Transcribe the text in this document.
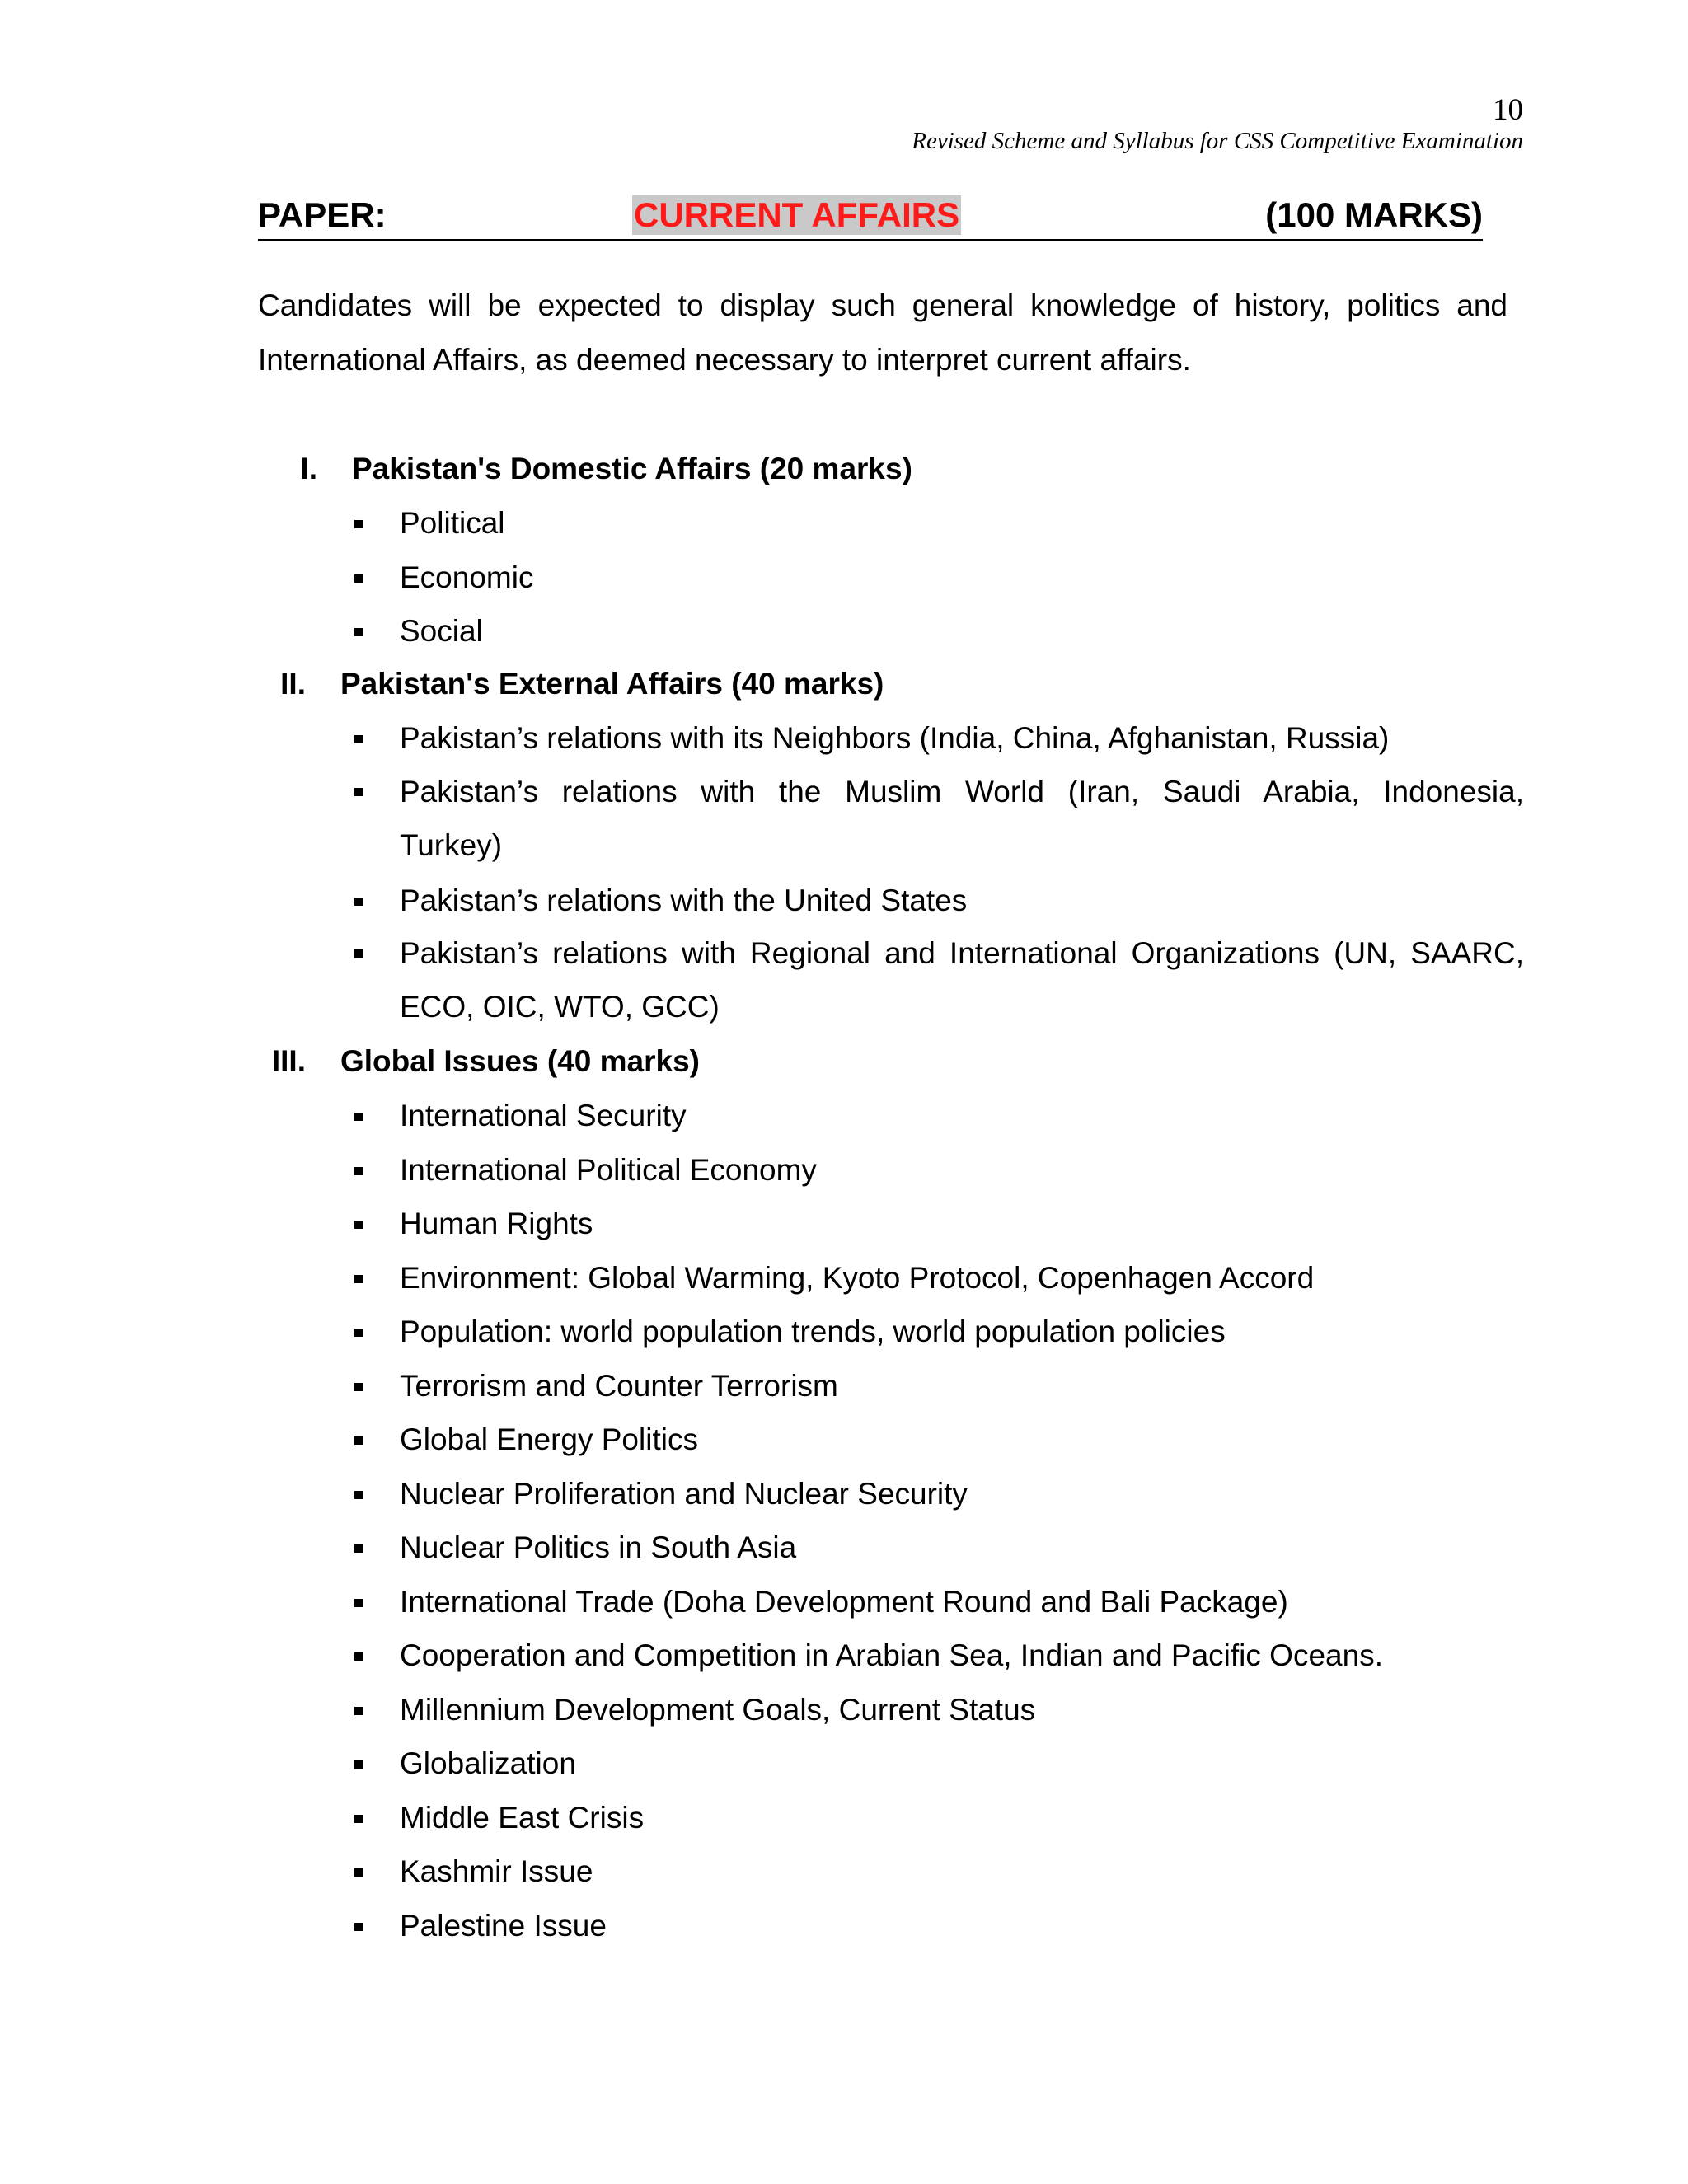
10
Revised Scheme and Syllabus for CSS Competitive Examination
PAPER:	CURRENT AFFAIRS	(100 MARKS)

Candidates will be expected to display such general knowledge of history, politics and

International Affairs, as deemed necessary to interpret current affairs.

I. Pakistan's Domestic Affairs (20 marks)
Political
Economic
Social
II. Pakistan's External Affairs (40 marks)
Pakistan’s relations with its Neighbors (India, China, Afghanistan, Russia)
Pakistan’s relations with the Muslim World (Iran, Saudi Arabia, Indonesia,
Turkey)
Pakistan’s relations with the United States
Pakistan’s relations with Regional and International Organizations (UN, SAARC,
ECO, OIC, WTO, GCC)
III. Global Issues (40 marks)
International Security
International Political Economy
Human Rights
Environment: Global Warming, Kyoto Protocol, Copenhagen Accord
Population: world population trends, world population policies
Terrorism and Counter Terrorism
Global Energy Politics
Nuclear Proliferation and Nuclear Security
Nuclear Politics in South Asia
International Trade (Doha Development Round and Bali Package)
Cooperation and Competition in Arabian Sea, Indian and Pacific Oceans.
Millennium Development Goals, Current Status
Globalization
Middle East Crisis
Kashmir Issue
Palestine Issue
